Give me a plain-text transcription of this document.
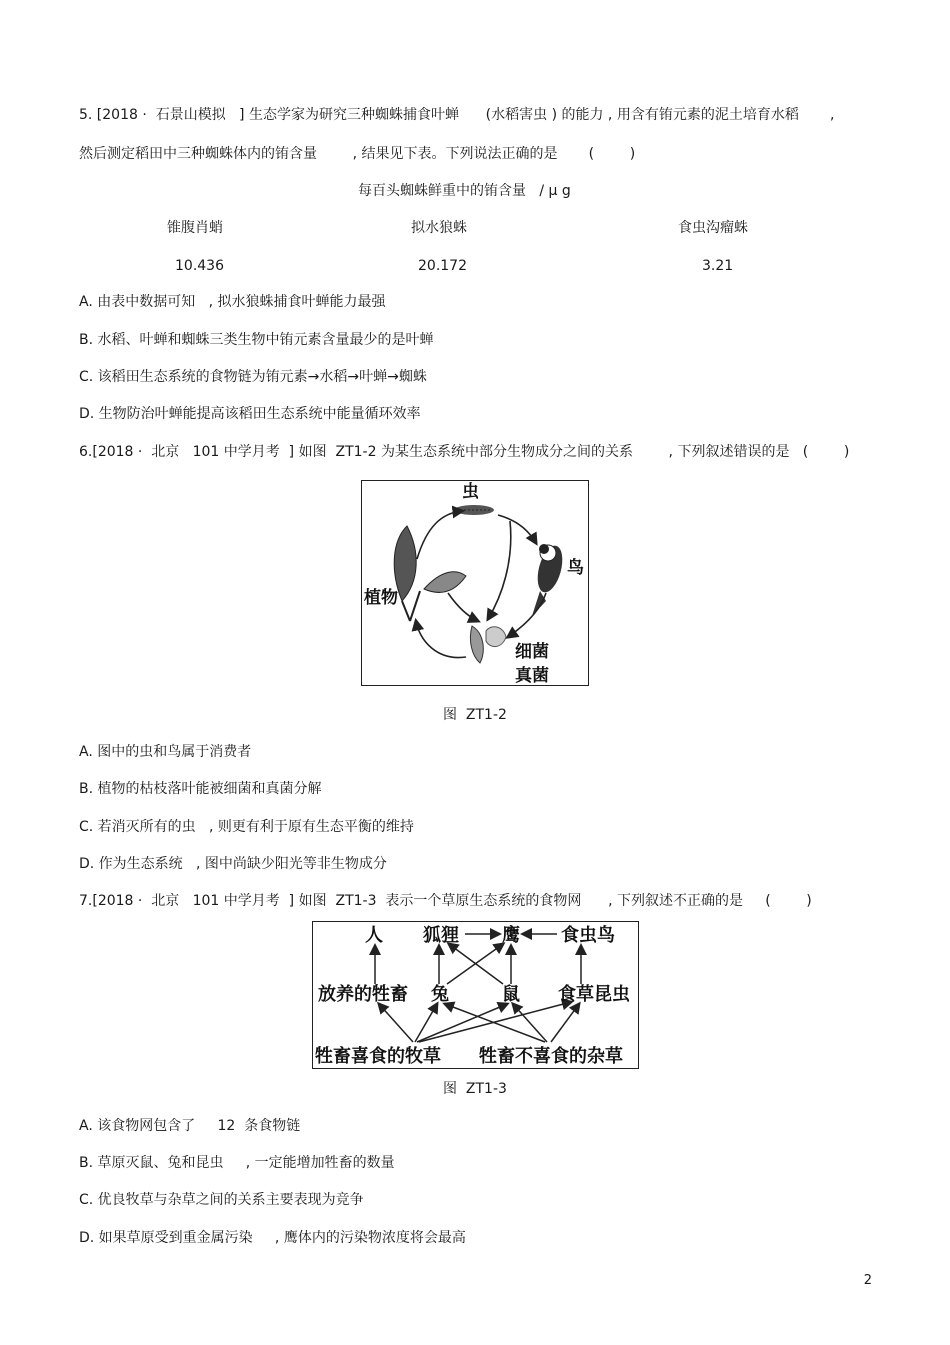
5. [2018 ·  石景山模拟   ] 生态学家为研究三种蜘蛛捕食叶蝉      (水稻害虫 ) 的能力 , 用含有铕元素的泥土培育水稻       ,
然后测定稻田中三种蜘蛛体内的铕含量        , 结果见下表。下列说法正确的是       (        )
每百头蜘蛛鲜重中的铕含量   / μ g
锥腹肖蛸	拟水狼蛛	食虫沟瘤蛛
10.436	20.172	3.21
A. 由表中数据可知   , 拟水狼蛛捕食叶蝉能力最强
B. 水稻、叶蝉和蜘蛛三类生物中铕元素含量最少的是叶蝉
C. 该稻田生态系统的食物链为铕元素→水稻→叶蝉→蜘蛛
D. 生物防治叶蝉能提高该稻田生态系统中能量循环效率
6.[2018 ·  北京   101 中学月考  ] 如图  ZT1-2 为某生态系统中部分生物成分之间的关系        , 下列叙述错误的是   (        )
虫
鸟
植物
细菌
真菌
图  ZT1-2
A. 图中的虫和鸟属于消费者
B. 植物的枯枝落叶能被细菌和真菌分解
C. 若消灭所有的虫   , 则更有利于原有生态平衡的维持
D. 作为生态系统   , 图中尚缺少阳光等非生物成分
7.[2018 ·  北京   101 中学月考  ] 如图  ZT1-3  表示一个草原生态系统的食物网      , 下列叙述不正确的是     (        )
人 狐狸 鹰 食虫鸟
放养的牲畜 兔	鼠 食草昆虫
牲畜喜食的牧草 牲畜不喜食的杂草
图  ZT1-3
A. 该食物网包含了     12  条食物链
B. 草原灭鼠、兔和昆虫     , 一定能增加牲畜的数量
C. 优良牧草与杂草之间的关系主要表现为竞争
D. 如果草原受到重金属污染     , 鹰体内的污染物浓度将会最高
2
